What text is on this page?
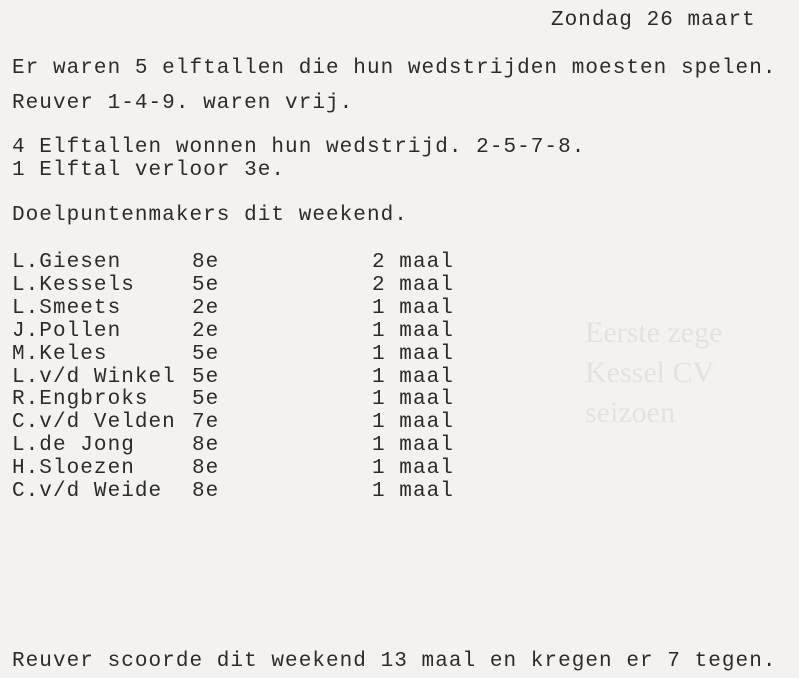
Eerste zege
Kessel CV
seizoen
Zondag 26 maart
Er waren 5 elftallen die hun wedstrijden moesten spelen.
Reuver 1-4-9. waren vrij.
4 Elftallen wonnen hun wedstrijd. 2-5-7-8.
1 Elftal verloor 3e.
Doelpuntenmakers dit weekend.
L.Giesen	8e	2 maal
L.Kessels	5e	2 maal
L.Smeets	2e	1 maal
J.Pollen	2e	1 maal
M.Keles	5e	1 maal
L.v/d Winkel 5e	1 maal
R.Engbroks 5e	1 maal
C.v/d Velden 7e	1 maal
L.de Jong	8e	1 maal
H.Sloezen	8e	1 maal
C.v/d Weide 8e	1 maal
Reuver scoorde dit weekend 13 maal en kregen er 7 tegen.
